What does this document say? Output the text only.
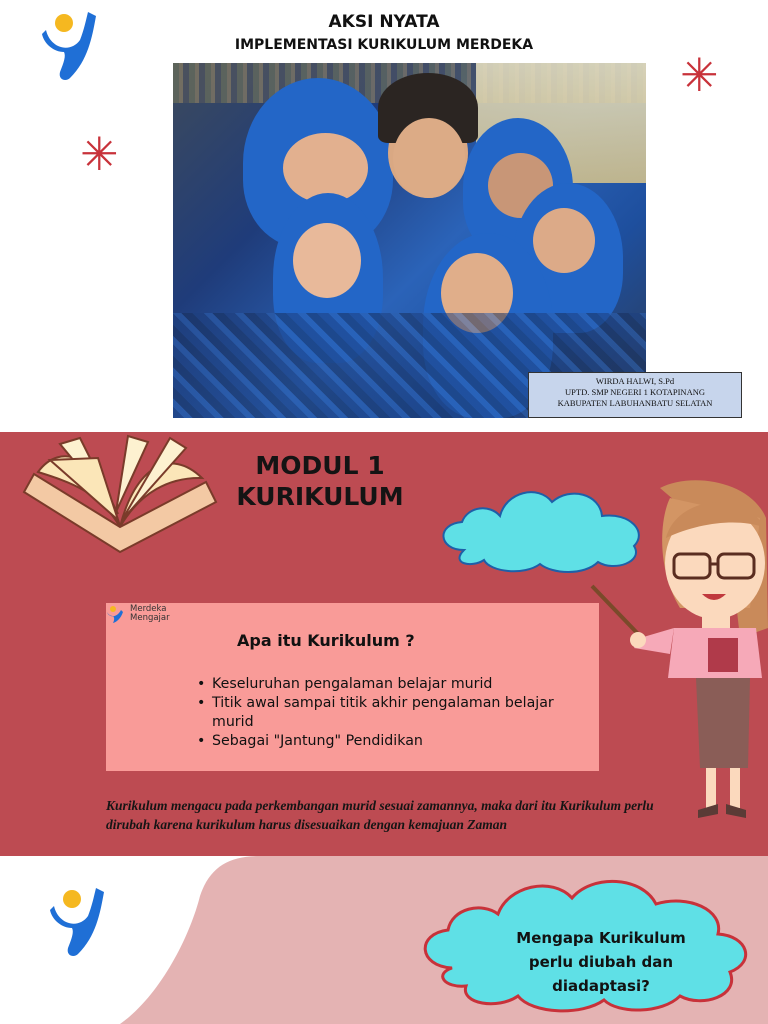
AKSI NYATA
IMPLEMENTASI KURIKULUM MERDEKA
WIRDA HALWI, S.Pd
UPTD. SMP NEGERI 1 KOTAPINANG
KABUPATEN LABUHANBATU SELATAN
✳
✳
MODUL 1
KURIKULUM
Merdeka
Mengajar
Apa itu Kurikulum ?
• Keseluruhan pengalaman belajar murid
• Titik awal sampai titik akhir pengalaman belajar murid
• Sebagai "Jantung" Pendidikan
Kurikulum mengacu pada perkembangan murid sesuai zamannya, maka dari itu Kurikulum perlu dirubah karena kurikulum harus disesuaikan dengan kemajuan Zaman
Mengapa Kurikulum
perlu diubah dan
diadaptasi?
